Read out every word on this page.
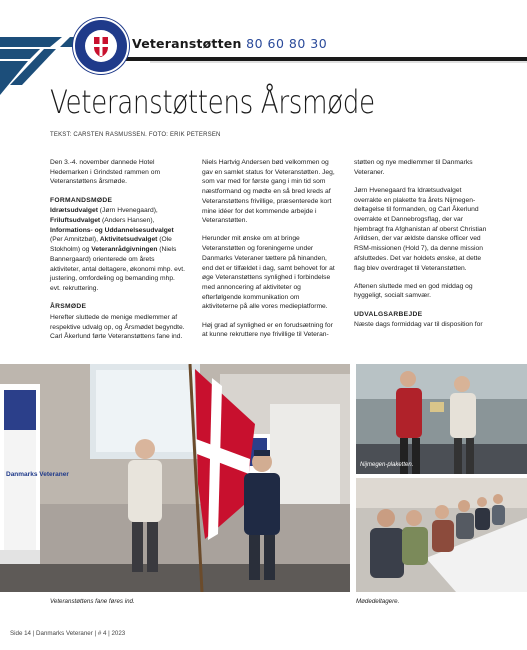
Veteranstøtten 80 60 80 30
Veteranstøttens Årsmøde
TEKST: CARSTEN RASMUSSEN. FOTO: ERIK PETERSEN

Den 3.-4. november dannede Hotel Hedemarken i Grindsted rammen om Veteranstøttens årsmøde.

FORMANDSMØDE

Idrætsudvalget (Jørn Hvenegaard), Friluftsudvalget (Anders Hansen), Informations- og Uddannelsesudvalget (Per Amnitzbøl), Aktivitetsudvalget (Ole Stokholm) og Veteranrådgivningen (Niels Bannergaard) orienterede om årets aktiviteter, antal deltagere, økonomi mhp. evt. justering, omfordeling og bemanding mhp. evt. rekruttering.

ÅRSMØDE

Herefter sluttede de menige medlemmer af respektive udvalg op, og Årsmødet begyndte. Carl Åkerlund førte Veteranstøttens fane ind.

Niels Hartvig Andersen bød velkommen og gav en samlet status for Veteranstøtten. Jeg, som var med for første gang i min tid som næstformand og mødte en så bred kreds af Veteranstøttens frivillige, præsenterede kort mine idéer for det kommende arbejde i Veteranstøtten.

Herunder mit ønske om at bringe Veteranstøtten og foreningerne under Danmarks Veteraner tættere på hinanden, end det er tilfældet i dag, samt behovet for at øge Veteranstøttens synlighed i forbindelse med annoncering af aktiviteter og efterfølgende kommunikation om aktiviteterne på alle vores medieplatforme.

Høj grad af synlighed er en forudsætning for at kunne rekruttere nye frivillige til Veteran-

støtten og nye medlemmer til Danmarks Veteraner.

Jørn Hvenegaard fra Idrætsudvalget overrakte en plakette fra årets Nijmegen-deltagelse til formanden, og Carl Åkerlund overrakte et Dannebrogsflag, der var hjembragt fra Afghanistan af oberst Christian Arildsen, der var ældste danske officer ved RSM-missionen (Hold 7), da denne mission afsluttedes. Det var holdets ønske, at dette flag blev overdraget til Veteranstøtten.

Aftenen sluttede med en god middag og hyggeligt, socialt samvær.

UDVALGSARBEJDE

Næste dags formiddag var til disposition for

Danmarks Veteraner
Nijmegen-plaketten.
Veteranstøttens fane føres ind.	Mødedeltagere.
Side 14 | Danmarks Veteraner | # 4 | 2023
